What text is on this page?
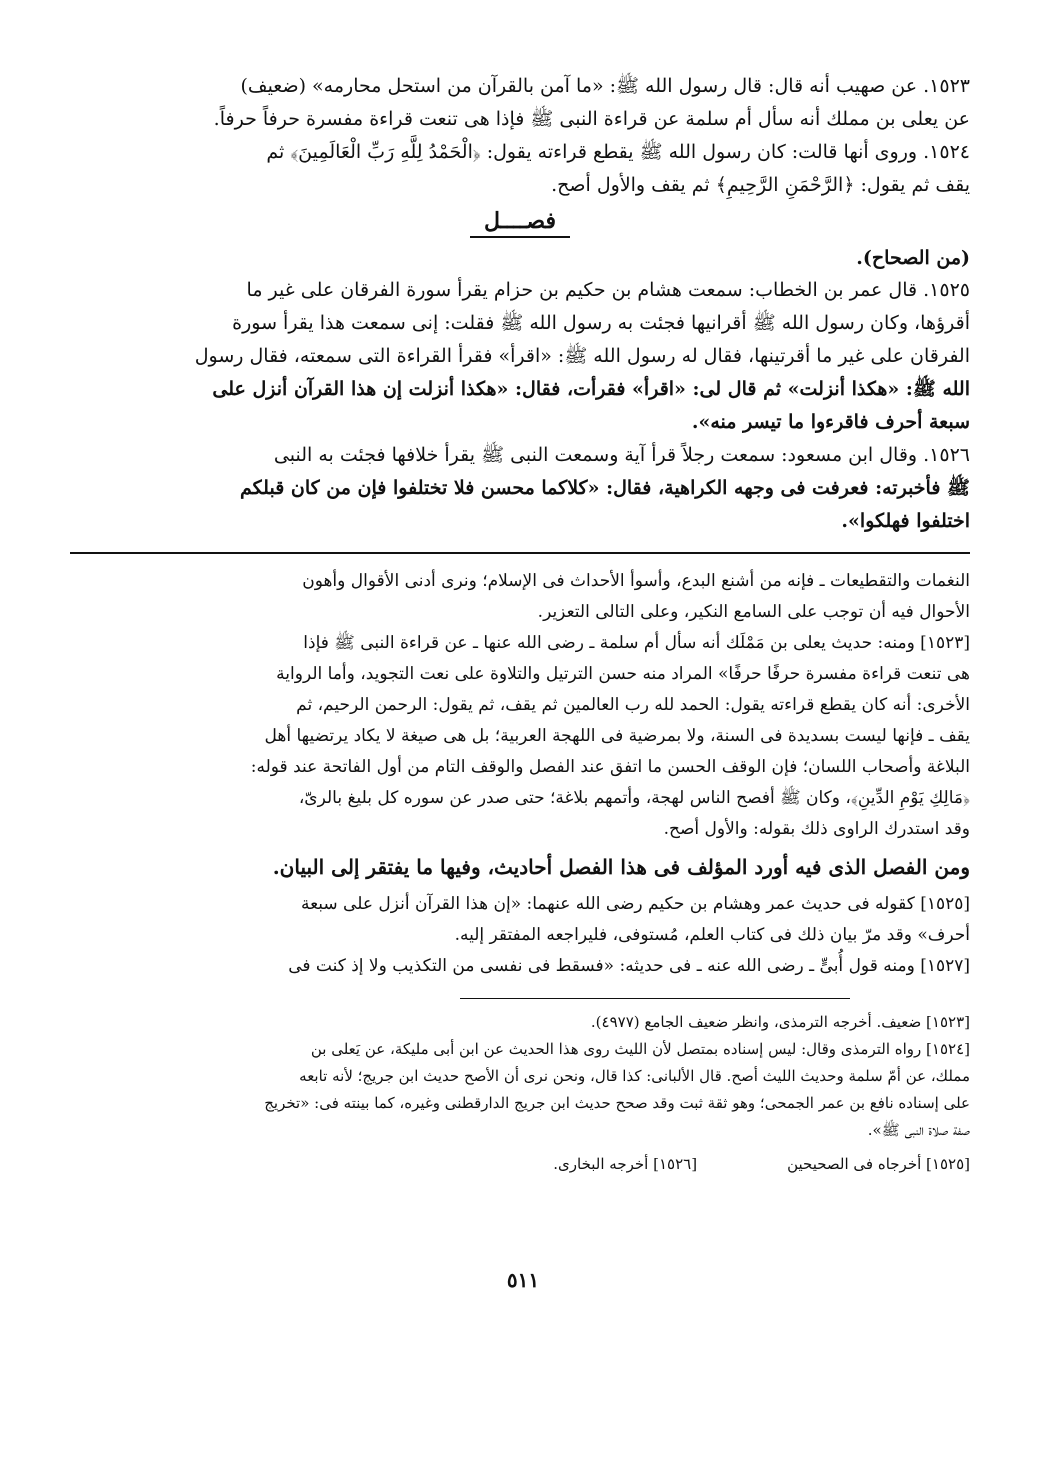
١٥٢٣. عن صهيب أنه قال: قال رسول الله ﷺ: «ما آمن بالقرآن من استحل محارمه» (ضعيف)
عن يعلى بن مملك أنه سأل أم سلمة عن قراءة النبى ﷺ فإذا هى تنعت قراءة مفسرة حرفاً حرفاً.
١٥٢٤. وروى أنها قالت: كان رسول الله ﷺ يقطع قراءته يقول: ﴿الْحَمْدُ لِلَّهِ رَبِّ الْعَالَمِينَ﴾ ثم
يقف ثم يقول: ﴿الرَّحْمَنِ الرَّحِيمِ﴾ ثم يقف والأول أصح.
فصــــل
(من الصحاح).
١٥٢٥. قال عمر بن الخطاب: سمعت هشام بن حكيم بن حزام يقرأ سورة الفرقان على غير ما
أقرؤها، وكان رسول الله ﷺ أقرانيها فجئت به رسول الله ﷺ فقلت: إنى سمعت هذا يقرأ سورة
الفرقان على غير ما أقرتينها، فقال له رسول الله ﷺ: «اقرأ» فقرأ القراءة التى سمعته، فقال رسول
الله ﷺ: «هكذا أنزلت» ثم قال لى: «اقرأ» فقرأت، فقال: «هكذا أنزلت إن هذا القرآن أنزل على
سبعة أحرف فاقرءوا ما تيسر منه».
١٥٢٦. وقال ابن مسعود: سمعت رجلاً قرأ آية وسمعت النبى ﷺ يقرأ خلافها فجئت به النبى
ﷺ فأخبرته: فعرفت فى وجهه الكراهية، فقال: «كلاكما محسن فلا تختلفوا فإن من كان قبلكم
اختلفوا فهلكوا».
النغمات والتقطيعات ـ فإنه من أشنع البدع، وأسوأ الأحداث فى الإسلام؛ ونرى أدنى الأقوال وأهون
الأحوال فيه أن توجب على السامع النكير، وعلى التالى التعزير.
[١٥٢٣] ومنه: حديث يعلى بن مَمْلَك أنه سأل أم سلمة ـ رضى الله عنها ـ عن قراءة النبى ﷺ فإذا
هى تنعت قراءة مفسرة حرفًا حرفًا» المراد منه حسن الترتيل والتلاوة على نعت التجويد، وأما الرواية
الأخرى: أنه كان يقطع قراءته يقول: الحمد لله رب العالمين ثم يقف، ثم يقول: الرحمن الرحيم، ثم
يقف ـ فإنها ليست بسديدة فى السنة، ولا بمرضية فى اللهجة العربية؛ بل هى صيغة لا يكاد يرتضيها أهل
البلاغة وأصحاب اللسان؛ فإن الوقف الحسن ما اتفق عند الفصل والوقف التام من أول الفاتحة عند قوله:
﴿مَالِكِ يَوْمِ الدِّينِ﴾، وكان ﷺ أفصح الناس لهجة، وأتمهم بلاغة؛ حتى صدر عن سوره كل بليغ بالرىّ،
وقد استدرك الراوى ذلك بقوله: والأول أصح.
ومن الفصل الذى فيه أورد المؤلف فى هذا الفصل أحاديث، وفيها ما يفتقر إلى البيان.
[١٥٢٥] كقوله فى حديث عمر وهشام بن حكيم رضى الله عنهما: «إن هذا القرآن أنزل على سبعة
أحرف» وقد مرّ بيان ذلك فى كتاب العلم، مُستوفى، فليراجعه المفتقر إليه.
[١٥٢٧] ومنه قول أُبىٍّ ـ رضى الله عنه ـ فى حديثه: «فسقط فى نفسى من التكذيب ولا إذ كنت فى
[١٥٢٣] ضعيف. أخرجه الترمذى، وانظر ضعيف الجامع (٤٩٧٧).
[١٥٢٤] رواه الترمذى وقال: ليس إسناده بمتصل لأن الليث روى هذا الحديث عن ابن أبى مليكة، عن يَعلى بن
مملك، عن أمّ سلمة وحديث الليث أصح. قال الألبانى: كذا قال، ونحن نرى أن الأصح حديث ابن جريج؛ لأنه تابعه
على إسناده نافع بن عمر الجمحى؛ وهو ثقة ثبت وقد صحح حديث ابن جريج الدارقطنى وغيره، كما بينته فى: «تخريج
صفة صلاة النبى ﷺ».
[١٥٢٥] أخرجاه فى الصحيحين
[١٥٢٦] أخرجه البخارى.
٥١١
